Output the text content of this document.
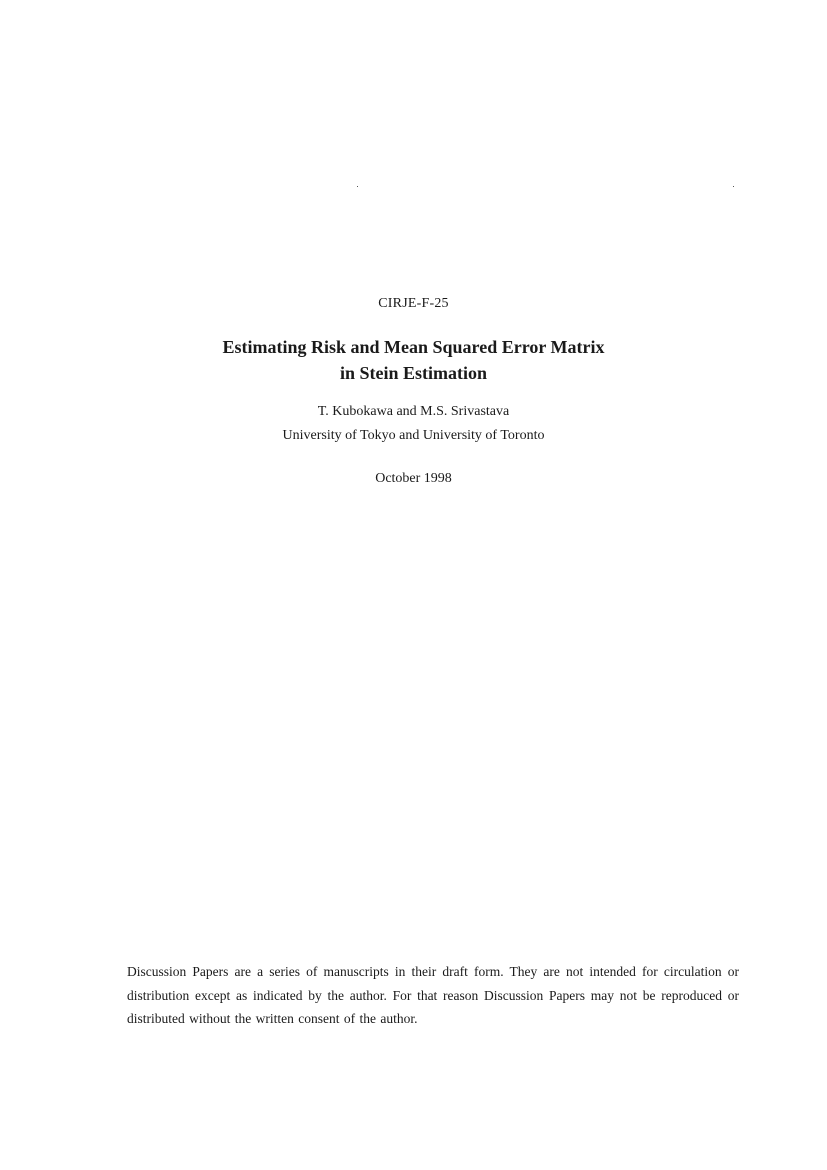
CIRJE-F-25
Estimating Risk and Mean Squared Error Matrix
in Stein Estimation
T. Kubokawa and M.S. Srivastava
University of Tokyo and University of Toronto
October 1998
Discussion Papers are a series of manuscripts in their draft form. They are not intended for circulation or distribution except as indicated by the author. For that reason Discussion Papers may not be reproduced or distributed without the written consent of the author.
